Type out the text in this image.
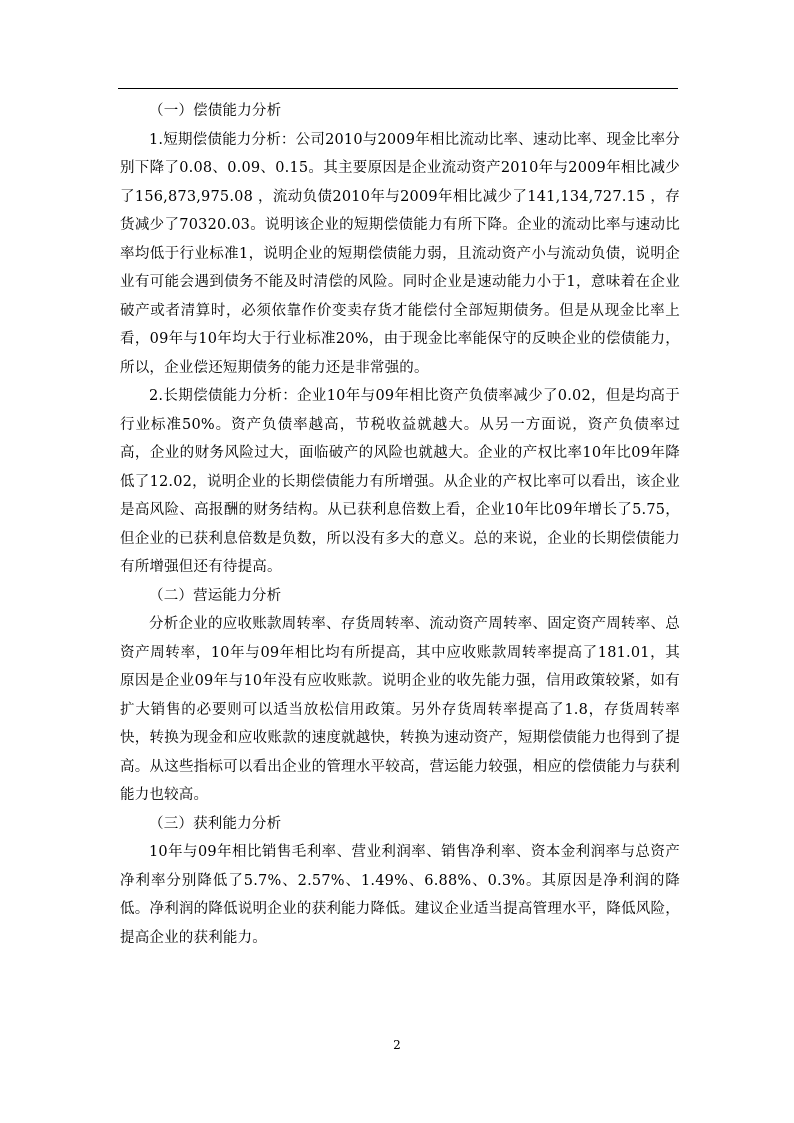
（一）偿债能力分析

1.短期偿债能力分析：公司2010与2009年相比流动比率、速动比率、现金比率分别下降了0.08、0.09、0.15。其主要原因是企业流动资产2010年与2009年相比减少了156,873,975.08 ，流动负债2010年与2009年相比减少了141,134,727.15 ，存货减少了70320.03。说明该企业的短期偿债能力有所下降。企业的流动比率与速动比率均低于行业标准1，说明企业的短期偿债能力弱，且流动资产小与流动负债，说明企业有可能会遇到债务不能及时清偿的风险。同时企业是速动能力小于1，意味着在企业破产或者清算时，必须依靠作价变卖存货才能偿付全部短期债务。但是从现金比率上看，09年与10年均大于行业标准20%，由于现金比率能保守的反映企业的偿债能力，所以，企业偿还短期债务的能力还是非常强的。

2.长期偿债能力分析：企业10年与09年相比资产负债率减少了0.02，但是均高于行业标准50%。资产负债率越高，节税收益就越大。从另一方面说，资产负债率过高，企业的财务风险过大，面临破产的风险也就越大。企业的产权比率10年比09年降低了12.02，说明企业的长期偿债能力有所增强。从企业的产权比率可以看出，该企业是高风险、高报酬的财务结构。从已获利息倍数上看，企业10年比09年增长了5.75，但企业的已获利息倍数是负数，所以没有多大的意义。总的来说，企业的长期偿债能力有所增强但还有待提高。

（二）营运能力分析

分析企业的应收账款周转率、存货周转率、流动资产周转率、固定资产周转率、总资产周转率，10年与09年相比均有所提高，其中应收账款周转率提高了181.01，其原因是企业09年与10年没有应收账款。说明企业的收先能力强，信用政策较紧，如有扩大销售的必要则可以适当放松信用政策。另外存货周转率提高了1.8，存货周转率快，转换为现金和应收账款的速度就越快，转换为速动资产，短期偿债能力也得到了提高。从这些指标可以看出企业的管理水平较高，营运能力较强，相应的偿债能力与获利能力也较高。

（三）获利能力分析

10年与09年相比销售毛利率、营业利润率、销售净利率、资本金利润率与总资产净利率分别降低了5.7%、2.57%、1.49%、6.88%、0.3%。其原因是净利润的降低。净利润的降低说明企业的获利能力降低。建议企业适当提高管理水平，降低风险，提高企业的获利能力。

2
